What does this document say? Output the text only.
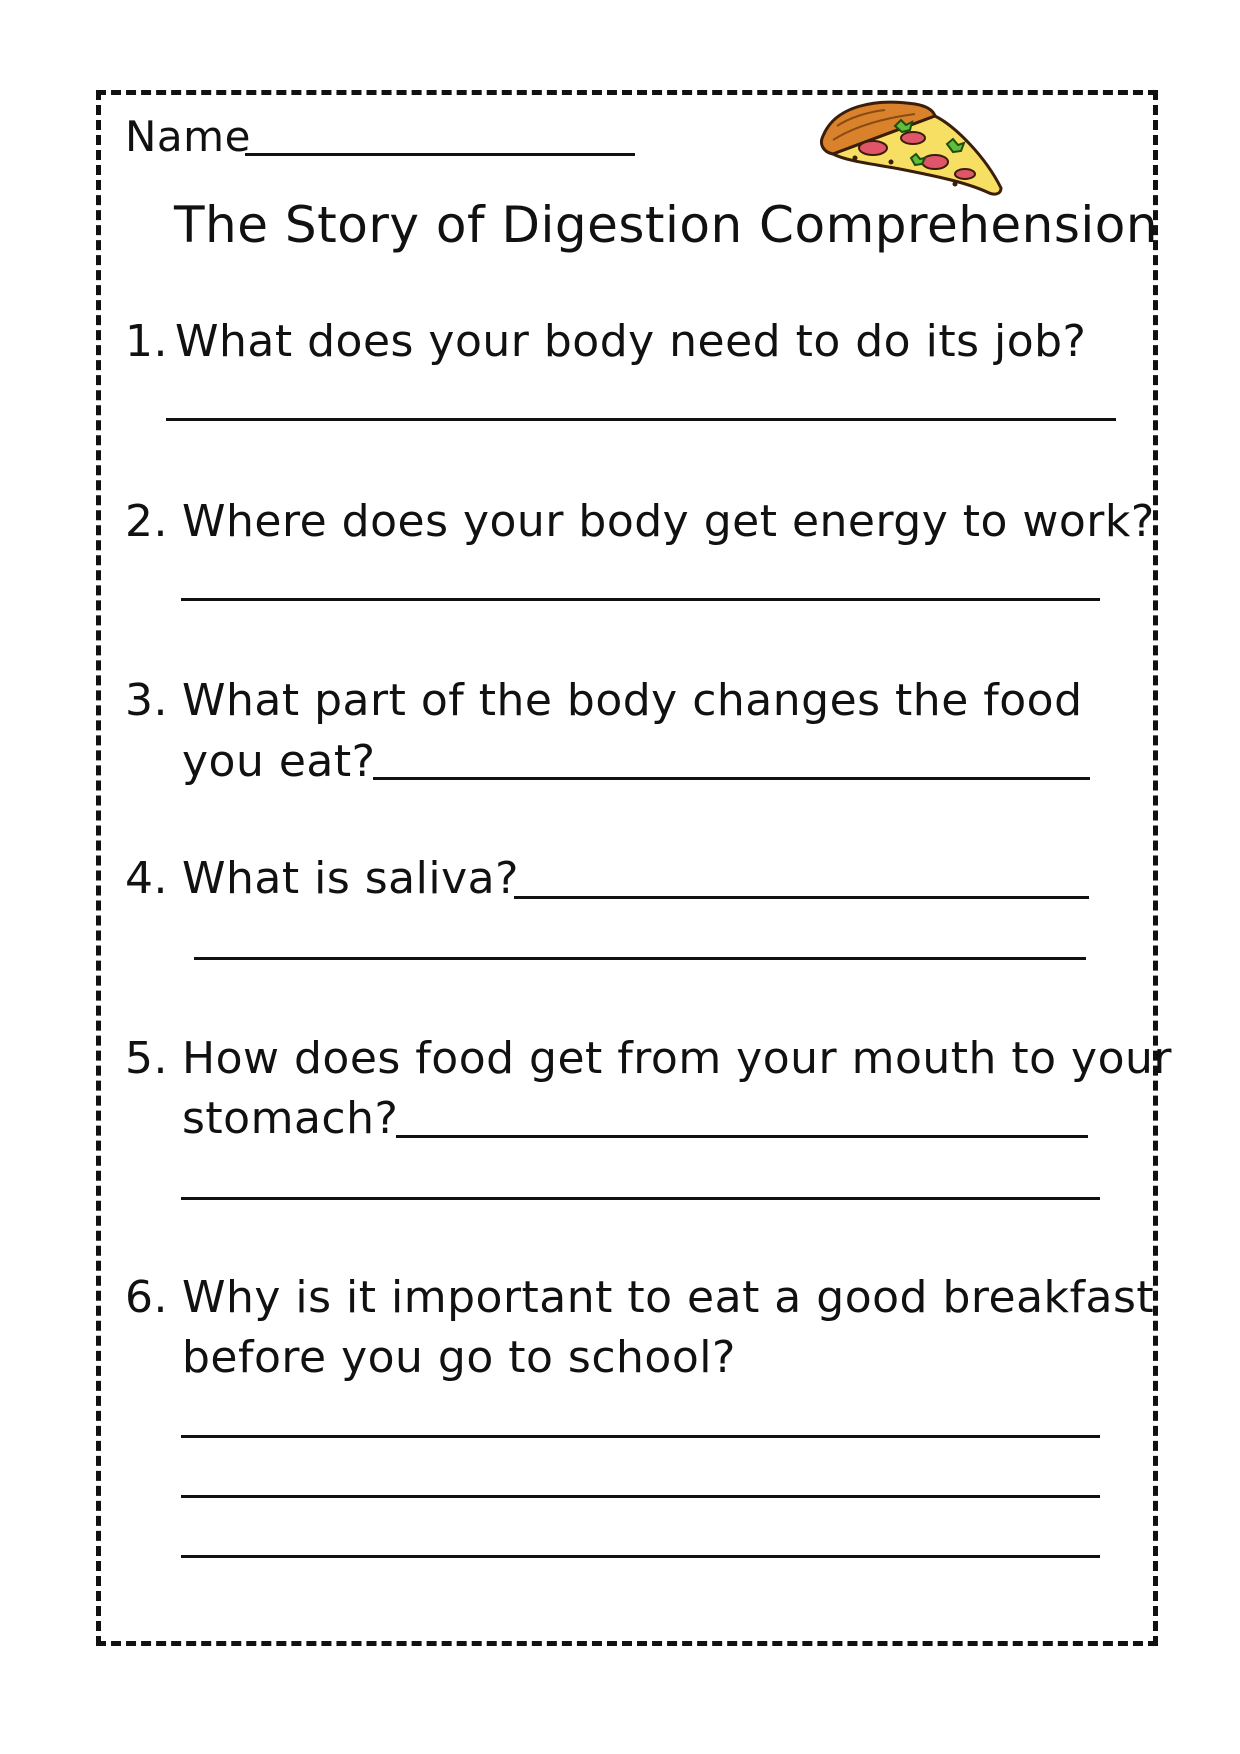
Name
The Story of Digestion Comprehension
1. What does your body need to do its job?
2. Where does your body get energy to work?
3. What part of the body changes the food
you eat?
4. What is saliva?
5. How does food get from your mouth to your
stomach?
6. Why is it important to eat a good breakfast
before you go to school?
